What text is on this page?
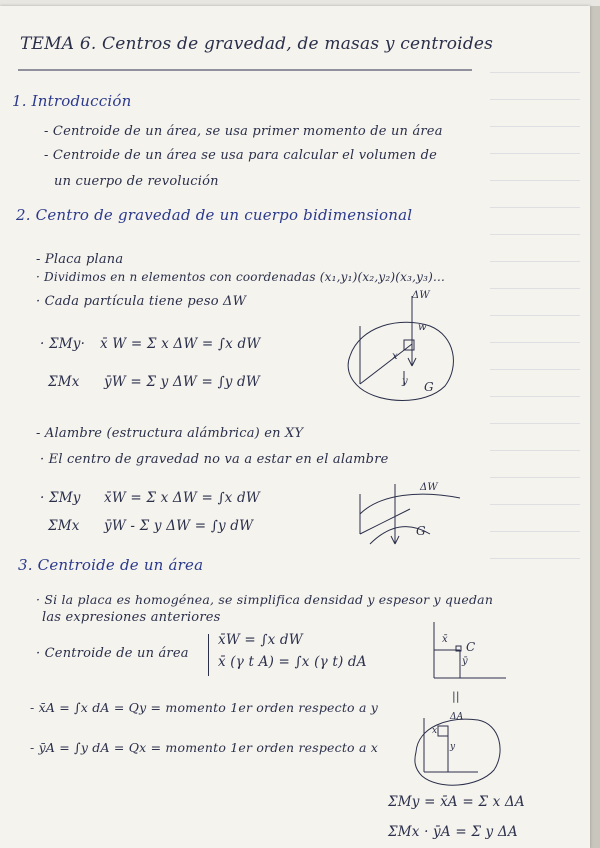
TEMA 6. Centros de gravedad, de masas y centroides
1. Introducción
- Centroide de un área, se usa primer momento de un área
- Centroide de un área se usa para calcular el volumen de
un cuerpo de revolución
2. Centro de gravedad de un cuerpo bidimensional
- Placa plana
· Dividimos en n elementos con coordenadas (x₁,y₁)(x₂,y₂)(x₃,y₃)...
· Cada partícula tiene peso ΔW
· ΣMy· x̄ W = Σ x ΔW = ∫x dW
ΣMx ȳW = Σ y ΔW = ∫y dW
ΔW
w
x
y G
- Alambre (estructura alámbrica) en XY
· El centro de gravedad no va a estar en el alambre
· ΣMy x̄W = Σ x ΔW = ∫x dW
ΣMx ȳW - Σ y ΔW = ∫y dW
ΔW
G
3. Centroide de un área
· Si la placa es homogénea, se simplifica densidad y espesor y quedan
las expresiones anteriores
· Centroide de un área
x̄W = ∫x dW
x̄ (γ t A) = ∫x (γ t) dA
x̄
ȳ
C
||
- x̄A = ∫x dA = Qy = momento 1er orden respecto a y
- ȳA = ∫y dA = Qx = momento 1er orden respecto a x
ΔA
x
y
ΣMy = x̄A = Σ x ΔA
ΣMx · ȳA = Σ y ΔA
